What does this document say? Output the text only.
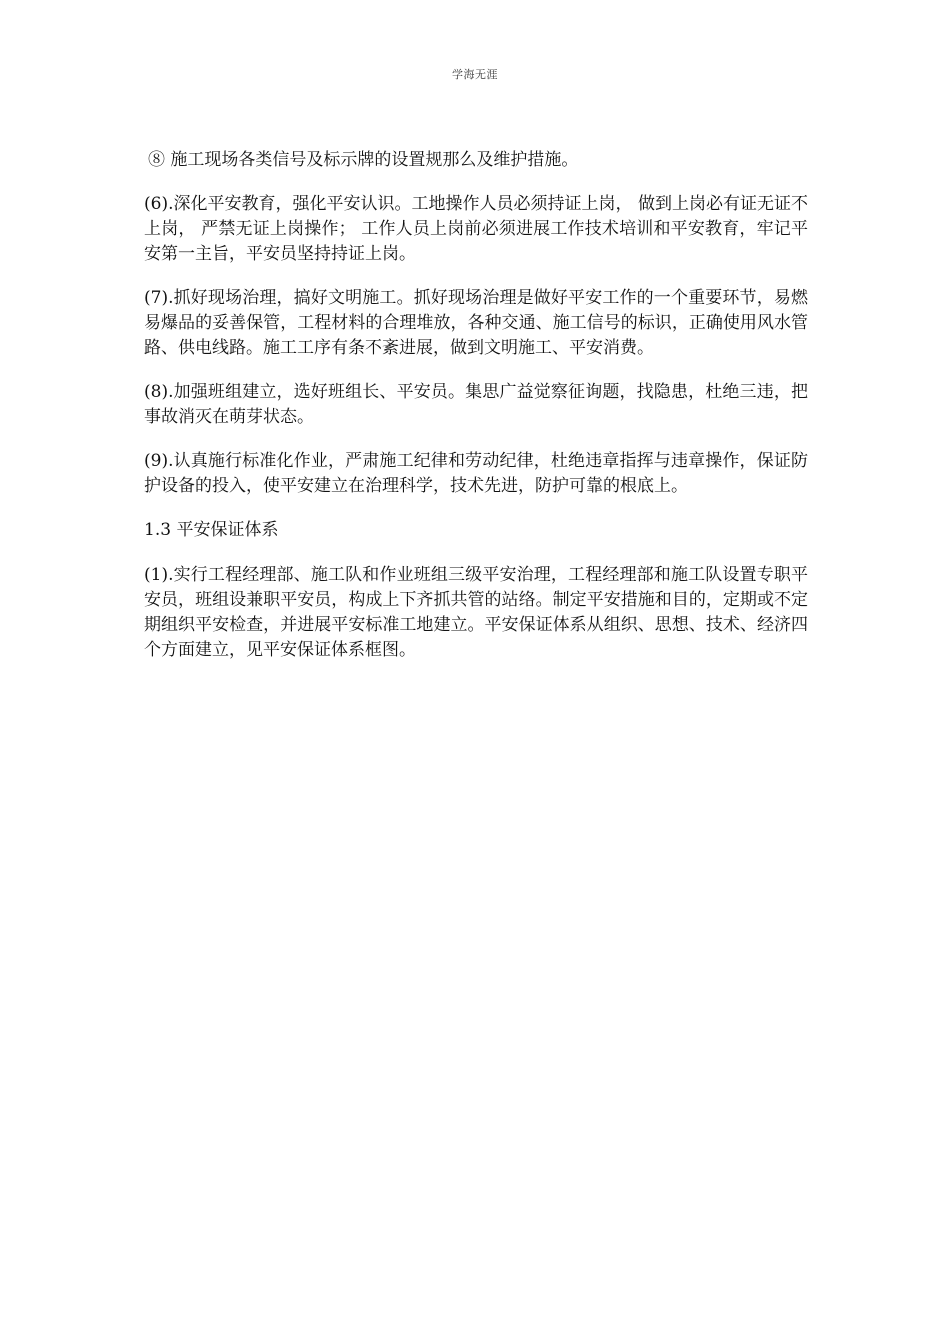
学海无涯

⑧ 施工现场各类信号及标示牌的设置规那么及维护措施。

(6).深化平安教育，强化平安认识。工地操作人员必须持证上岗， 做到上岗必有证无证不上岗， 严禁无证上岗操作； 工作人员上岗前必须进展工作技术培训和平安教育，牢记平安第一主旨，平安员坚持持证上岗。

(7).抓好现场治理，搞好文明施工。抓好现场治理是做好平安工作的一个重要环节，易燃易爆品的妥善保管，工程材料的合理堆放，各种交通、施工信号的标识，正确使用风水管路、供电线路。施工工序有条不紊进展，做到文明施工、平安消费。

(8).加强班组建立，选好班组长、平安员。集思广益觉察征询题，找隐患，杜绝三违，把事故消灭在萌芽状态。

(9).认真施行标准化作业，严肃施工纪律和劳动纪律，杜绝违章指挥与违章操作，保证防护设备的投入，使平安建立在治理科学，技术先进，防护可靠的根底上。

1.3 平安保证体系

(1).实行工程经理部、施工队和作业班组三级平安治理，工程经理部和施工队设置专职平安员，班组设兼职平安员，构成上下齐抓共管的站络。制定平安措施和目的，定期或不定期组织平安检查，并进展平安标准工地建立。平安保证体系从组织、思想、技术、经济四个方面建立，见平安保证体系框图。
